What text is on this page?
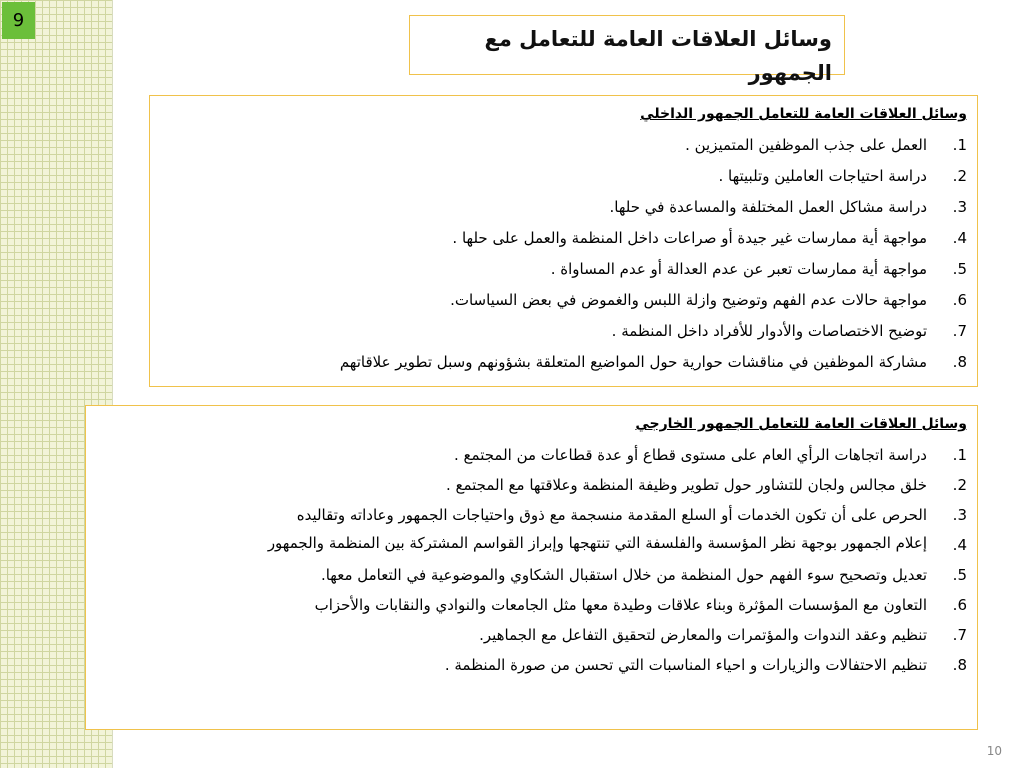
9
وسائل العلاقات العامة للتعامل مع الجمهور
وسائل العلاقات العامة للتعامل الجمهور الداخلي
1.
العمل على جذب الموظفين المتميزين .
2.
دراسة احتياجات العاملين وتلبيتها .
3.
دراسة مشاكل العمل المختلفة والمساعدة في حلها.
4.
مواجهة أية ممارسات غير جيدة أو صراعات داخل المنظمة والعمل على حلها .
5.
مواجهة أية ممارسات تعبر عن عدم العدالة أو عدم المساواة .
6.
مواجهة حالات عدم الفهم وتوضيح وازلة اللبس والغموض في بعض السياسات.
7.
توضيح الاختصاصات والأدوار للأفراد داخل المنظمة .
8.
مشاركة الموظفين في مناقشات حوارية حول المواضيع المتعلقة بشؤونهم وسبل تطوير علاقاتهم
وسائل العلاقات العامة للتعامل الجمهور الخارجي
1.
دراسة اتجاهات الرأي العام على مستوى قطاع أو عدة قطاعات من المجتمع .
2.
خلق مجالس ولجان للتشاور حول تطوير وظيفة المنظمة وعلاقتها مع المجتمع .
3.
الحرص على أن تكون الخدمات أو السلع المقدمة منسجمة مع ذوق واحتياجات الجمهور وعاداته وتقاليده
4.
إعلام الجمهور بوجهة نظر المؤسسة والفلسفة التي تنتهجها وإبراز القواسم المشتركة بين المنظمة والجمهور
5.
تعديل وتصحيح سوء الفهم حول المنظمة من خلال استقبال الشكاوي والموضوعية في التعامل معها.
6.
التعاون مع المؤسسات المؤثرة وبناء علاقات وطيدة معها مثل الجامعات والنوادي والنقابات والأحزاب
7.
تنظيم وعقد الندوات والمؤتمرات والمعارض لتحقيق التفاعل مع الجماهير.
8.
تنظيم الاحتفالات والزيارات و احياء المناسبات التي تحسن من صورة المنظمة .
10
